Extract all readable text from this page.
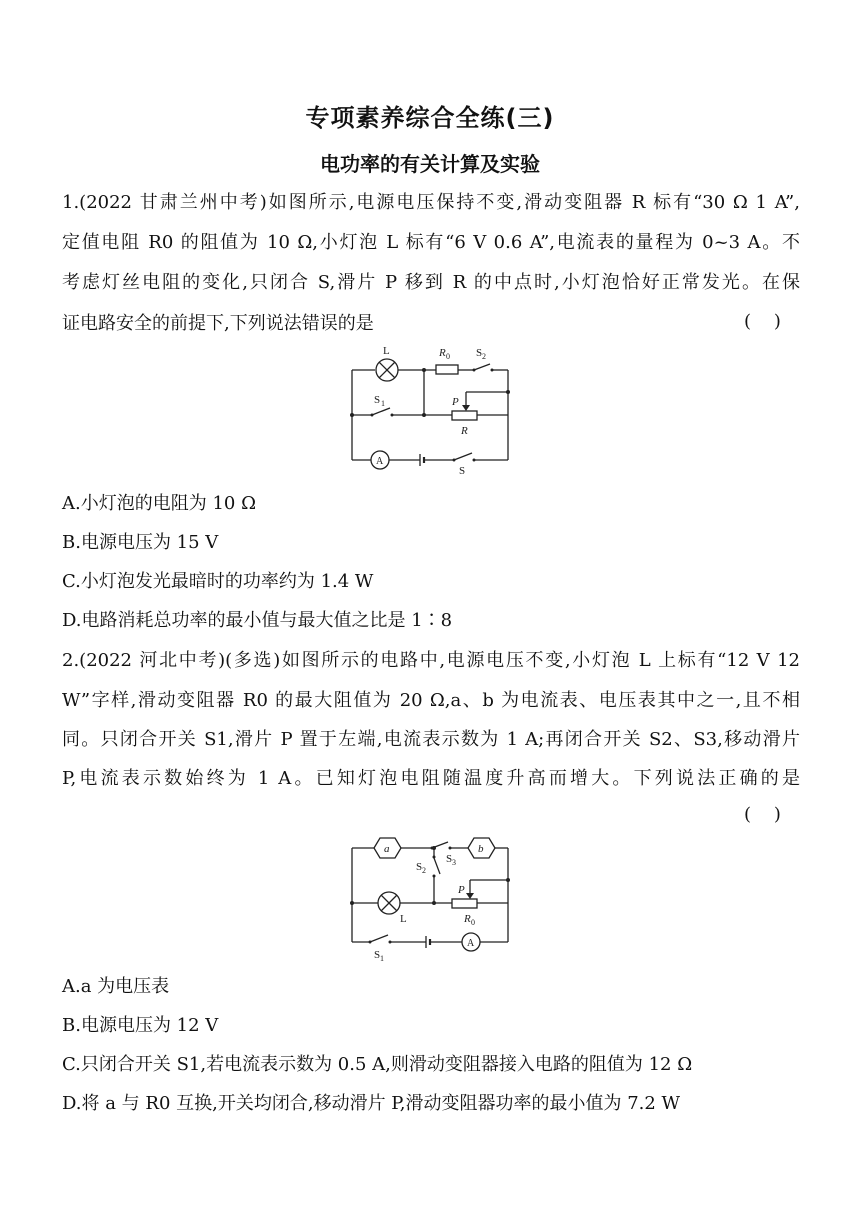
专项素养综合全练(三)
电功率的有关计算及实验
1.(2022 甘肃兰州中考)如图所示,电源电压保持不变,滑动变阻器 R 标有“30 Ω 1 A”,
定值电阻 R0 的阻值为 10 Ω,小灯泡 L 标有“6 V 0.6 A”,电流表的量程为 0~3 A。不
考虑灯丝电阻的变化,只闭合 S,滑片 P 移到 R 的中点时,小灯泡恰好正常发光。在保
证电路安全的前提下,下列说法错误的是	(    )
L	R 0 S 2
S 1	P
R
A
S
A.小灯泡的电阻为 10 Ω
B.电源电压为 15 V
C.小灯泡发光最暗时的功率约为 1.4 W
D.电路消耗总功率的最小值与最大值之比是 1∶8
2.(2022 河北中考)(多选)如图所示的电路中,电源电压不变,小灯泡 L 上标有“12 V 12
W”字样,滑动变阻器 R0 的最大阻值为 20 Ω,a、b 为电流表、电压表其中之一,且不相
同。只闭合开关 S1,滑片 P 置于左端,电流表示数为 1 A;再闭合开关 S2、S3,移动滑片
P,电流表示数始终为 1 A。已知灯泡电阻随温度升高而增大。下列说法正确的是
(    )
a	b
S 3
S 2
P
L	R 0
S 1
A
A.a 为电压表
B.电源电压为 12 V
C.只闭合开关 S1,若电流表示数为 0.5 A,则滑动变阻器接入电路的阻值为 12 Ω
D.将 a 与 R0 互换,开关均闭合,移动滑片 P,滑动变阻器功率的最小值为 7.2 W
